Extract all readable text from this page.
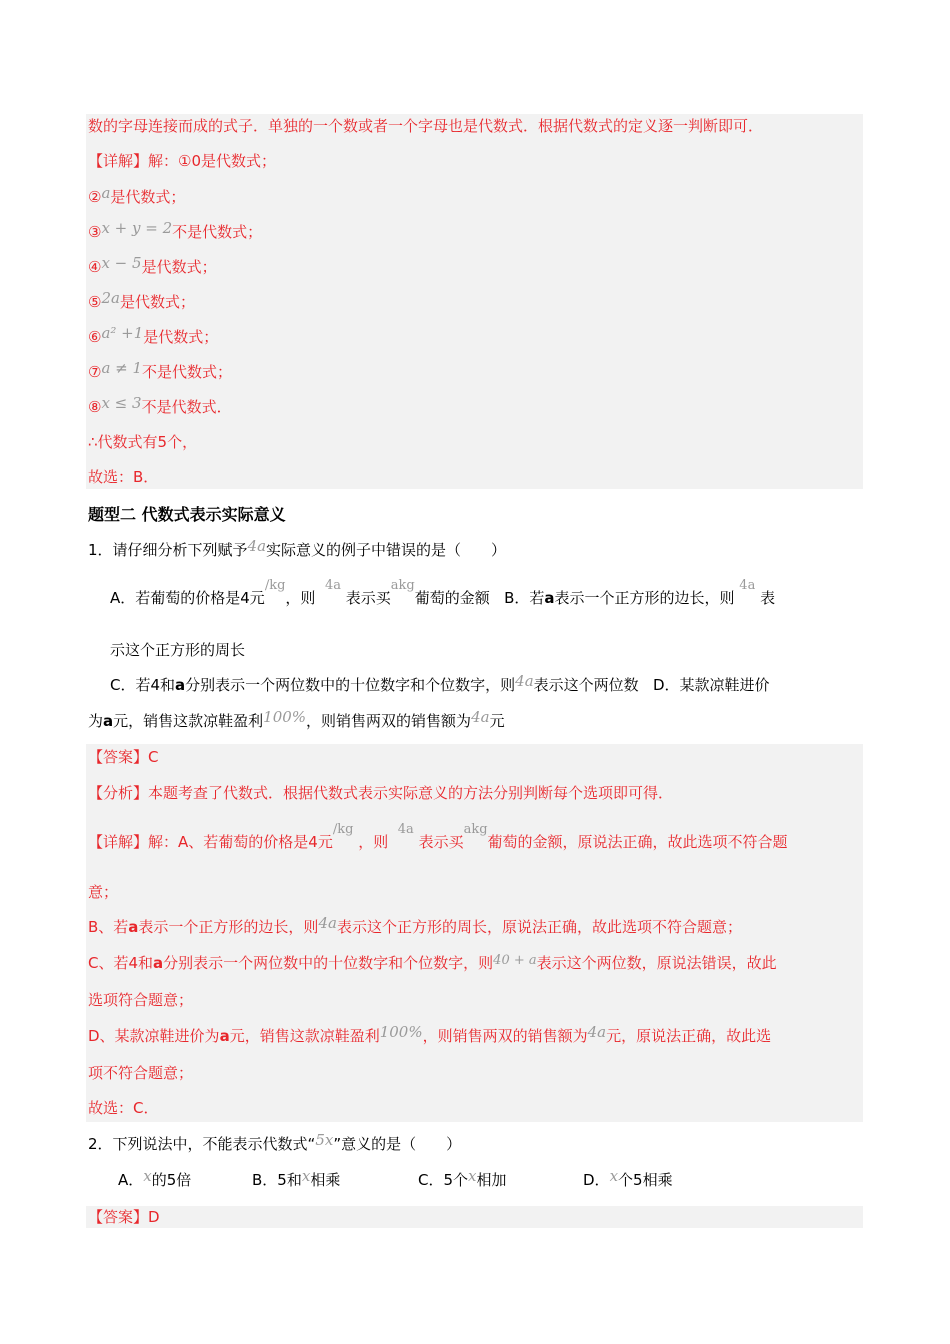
数的字母连接而成的式子．单独的一个数或者一个字母也是代数式．根据代数式的定义逐一判断即可．
【详解】解：①0是代数式；
②a是代数式；
③x + y = 2不是代数式；
④x − 5是代数式；
⑤2a是代数式；
⑥a² +1是代数式；
⑦a ≠ 1不是代数式；
⑧x ≤ 3不是代数式．
∴代数式有5个，
故选：B．
题型二 代数式表示实际意义
1．请仔细分析下列赋予4a实际意义的例子中错误的是（　　）
A．若葡萄的价格是4元/kg，则  4a 表示买akg葡萄的金额 B．若a表示一个正方形的边长，则 4a 表
示这个正方形的周长
C．若4和a分别表示一个两位数中的十位数字和个位数字，则4a表示这个两位数 D．某款凉鞋进价
为a元，销售这款凉鞋盈利100%，则销售两双的销售额为4a元
【答案】C
【分析】本题考查了代数式．根据代数式表示实际意义的方法分别判断每个选项即可得．
【详解】解：A、若葡萄的价格是4元/kg ，则  4a 表示买akg葡萄的金额，原说法正确，故此选项不符合题
意；
B、若a表示一个正方形的边长，则4a表示这个正方形的周长，原说法正确，故此选项不符合题意；
C、若4和a分别表示一个两位数中的十位数字和个位数字，则40 + a表示这个两位数，原说法错误，故此
选项符合题意；
D、某款凉鞋进价为a元，销售这款凉鞋盈利100%，则销售两双的销售额为4a元，原说法正确，故此选
项不符合题意；
故选：C．
2．下列说法中，不能表示代数式“5x”意义的是（　　）
A．x的5倍	B．5和x相乘	C．5个x相加	D．x个5相乘
【答案】D
